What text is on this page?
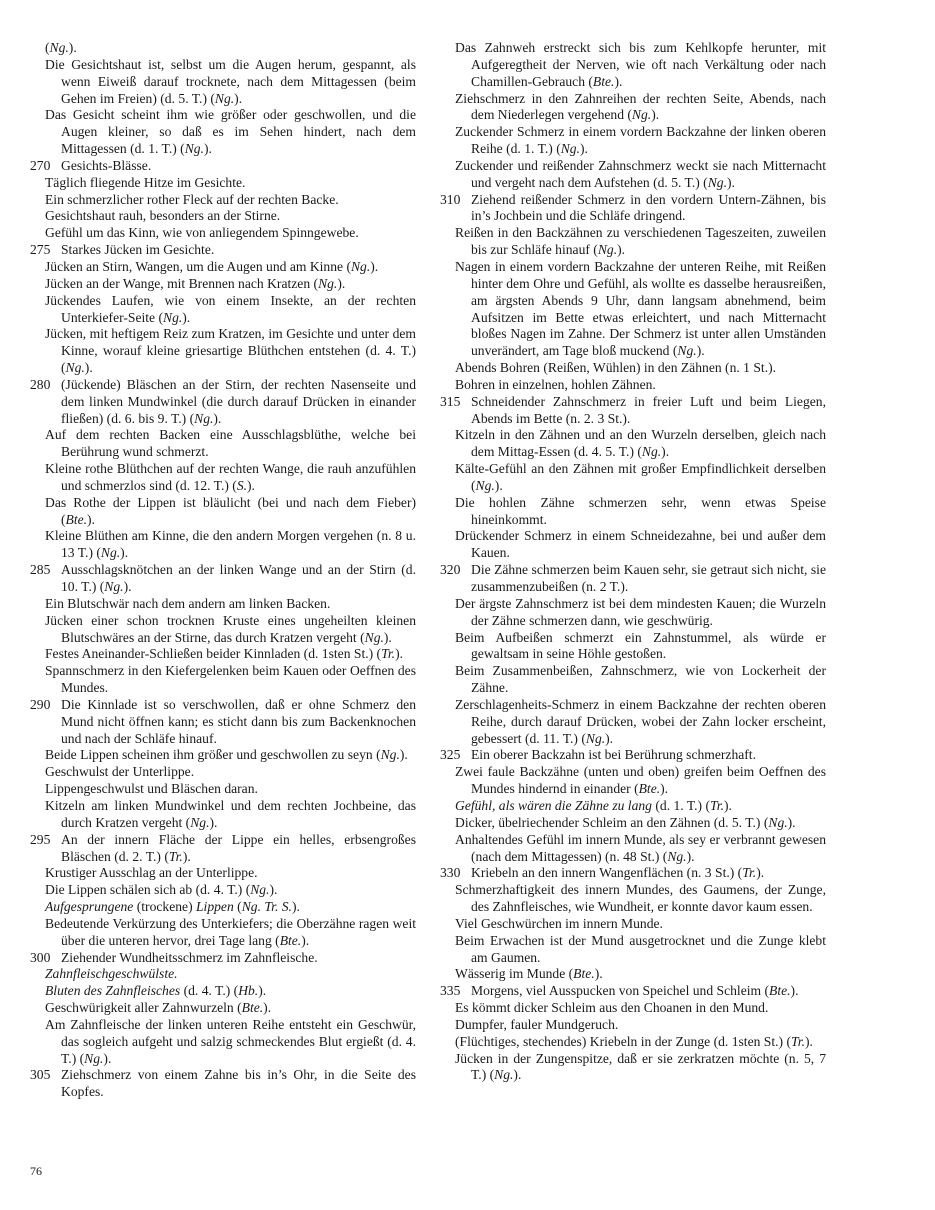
(Ng.).
Die Gesichtshaut ist, selbst um die Augen herum, gespannt, als wenn Eiweiß darauf trocknete, nach dem Mittagessen (beim Gehen im Freien) (d. 5. T.) (Ng.).
Das Gesicht scheint ihm wie größer oder geschwollen, und die Augen kleiner, so daß es im Sehen hindert, nach dem Mittagessen (d. 1. T.) (Ng.).
270 Gesichts-Blässe.
Täglich fliegende Hitze im Gesichte.
Ein schmerzlicher rother Fleck auf der rechten Backe.
Gesichtshaut rauh, besonders an der Stirne.
Gefühl um das Kinn, wie von anliegendem Spinngewebe.
275 Starkes Jücken im Gesichte.
Jücken an Stirn, Wangen, um die Augen und am Kinne (Ng.).
Jücken an der Wange, mit Brennen nach Kratzen (Ng.).
Jückendes Laufen, wie von einem Insekte, an der rechten Unterkiefer-Seite (Ng.).
Jücken, mit heftigem Reiz zum Kratzen, im Gesichte und unter dem Kinne, worauf kleine griesartige Blüthchen entstehen (d. 4. T.) (Ng.).
280 (Jückende) Bläschen an der Stirn, der rechten Nasenseite und dem linken Mundwinkel (die durch darauf Drücken in einander fließen) (d. 6. bis 9. T.) (Ng.).
Auf dem rechten Backen eine Ausschlagsblüthe, welche bei Berührung wund schmerzt.
Kleine rothe Blüthchen auf der rechten Wange, die rauh anzufühlen und schmerzlos sind (d. 12. T.) (S.).
Das Rothe der Lippen ist bläulicht (bei und nach dem Fieber) (Bte.).
Kleine Blüthen am Kinne, die den andern Morgen vergehen (n. 8 u. 13 T.) (Ng.).
285 Ausschlagsknötchen an der linken Wange und an der Stirn (d. 10. T.) (Ng.).
Ein Blutschwär nach dem andern am linken Backen.
Jücken einer schon trocknen Kruste eines ungeheilten kleinen Blutschwäres an der Stirne, das durch Kratzen vergeht (Ng.).
Festes Aneinander-Schließen beider Kinnladen (d. 1sten St.) (Tr.).
Spannschmerz in den Kiefergelenken beim Kauen oder Oeffnen des Mundes.
290 Die Kinnlade ist so verschwollen, daß er ohne Schmerz den Mund nicht öffnen kann; es sticht dann bis zum Backenknochen und nach der Schläfe hinauf.
Beide Lippen scheinen ihm größer und geschwollen zu seyn (Ng.).
Geschwulst der Unterlippe.
Lippengeschwulst und Bläschen daran.
Kitzeln am linken Mundwinkel und dem rechten Jochbeine, das durch Kratzen vergeht (Ng.).
295 An der innern Fläche der Lippe ein helles, erbsengroßes Bläschen (d. 2. T.) (Tr.).
Krustiger Ausschlag an der Unterlippe.
Die Lippen schälen sich ab (d. 4. T.) (Ng.).
Aufgesprungene (trockene) Lippen (Ng. Tr. S.).
Bedeutende Verkürzung des Unterkiefers; die Oberzähne ragen weit über die unteren hervor, drei Tage lang (Bte.).
300 Ziehender Wundheitsschmerz im Zahnfleische.
Zahnfleischgeschwülste.
Bluten des Zahnfleisches (d. 4. T.) (Hb.).
Geschwürigkeit aller Zahnwurzeln (Bte.).
Am Zahnfleische der linken unteren Reihe entsteht ein Geschwür, das sogleich aufgeht und salzig schmeckendes Blut ergießt (d. 4. T.) (Ng.).
305 Ziehschmerz von einem Zahne bis in’s Ohr, in die Seite des Kopfes.
Das Zahnweh erstreckt sich bis zum Kehlkopfe herunter, mit Aufgeregtheit der Nerven, wie oft nach Verkältung oder nach Chamillen-Gebrauch (Bte.).
Ziehschmerz in den Zahnreihen der rechten Seite, Abends, nach dem Niederlegen vergehend (Ng.).
Zuckender Schmerz in einem vordern Backzahne der linken oberen Reihe (d. 1. T.) (Ng.).
Zuckender und reißender Zahnschmerz weckt sie nach Mitternacht und vergeht nach dem Aufstehen (d. 5. T.) (Ng.).
310 Ziehend reißender Schmerz in den vordern Untern-Zähnen, bis in’s Jochbein und die Schläfe dringend.
Reißen in den Backzähnen zu verschiedenen Tageszeiten, zuweilen bis zur Schläfe hinauf (Ng.).
Nagen in einem vordern Backzahne der unteren Reihe, mit Reißen hinter dem Ohre und Gefühl, als wollte es dasselbe herausreißen, am ärgsten Abends 9 Uhr, dann langsam abnehmend, beim Aufsitzen im Bette etwas erleichtert, und nach Mitternacht bloßes Nagen im Zahne. Der Schmerz ist unter allen Umständen unverändert, am Tage bloß muckend (Ng.).
Abends Bohren (Reißen, Wühlen) in den Zähnen (n. 1 St.).
Bohren in einzelnen, hohlen Zähnen.
315 Schneidender Zahnschmerz in freier Luft und beim Liegen, Abends im Bette (n. 2. 3 St.).
Kitzeln in den Zähnen und an den Wurzeln derselben, gleich nach dem Mittag-Essen (d. 4. 5. T.) (Ng.).
Kälte-Gefühl an den Zähnen mit großer Empfindlichkeit derselben (Ng.).
Die hohlen Zähne schmerzen sehr, wenn etwas Speise hineinkommt.
Drückender Schmerz in einem Schneidezahne, bei und außer dem Kauen.
320 Die Zähne schmerzen beim Kauen sehr, sie getraut sich nicht, sie zusammenzubeißen (n. 2 T.).
Der ärgste Zahnschmerz ist bei dem mindesten Kauen; die Wurzeln der Zähne schmerzen dann, wie geschwürig.
Beim Aufbeißen schmerzt ein Zahnstummel, als würde er gewaltsam in seine Höhle gestoßen.
Beim Zusammenbeißen, Zahnschmerz, wie von Lockerheit der Zähne.
Zerschlagenheits-Schmerz in einem Backzahne der rechten oberen Reihe, durch darauf Drücken, wobei der Zahn locker erscheint, gebessert (d. 11. T.) (Ng.).
325 Ein oberer Backzahn ist bei Berührung schmerzhaft.
Zwei faule Backzähne (unten und oben) greifen beim Oeffnen des Mundes hindernd in einander (Bte.).
Gefühl, als wären die Zähne zu lang (d. 1. T.) (Tr.).
Dicker, übelriechender Schleim an den Zähnen (d. 5. T.) (Ng.).
Anhaltendes Gefühl im innern Munde, als sey er verbrannt gewesen (nach dem Mittagessen) (n. 48 St.) (Ng.).
330 Kriebeln an den innern Wangenflächen (n. 3 St.) (Tr.).
Schmerzhaftigkeit des innern Mundes, des Gaumens, der Zunge, des Zahnfleisches, wie Wundheit, er konnte davor kaum essen.
Viel Geschwürchen im innern Munde.
Beim Erwachen ist der Mund ausgetrocknet und die Zunge klebt am Gaumen.
Wässerig im Munde (Bte.).
335 Morgens, viel Ausspucken von Speichel und Schleim (Bte.).
Es kömmt dicker Schleim aus den Choanen in den Mund.
Dumpfer, fauler Mundgeruch.
(Flüchtiges, stechendes) Kriebeln in der Zunge (d. 1sten St.) (Tr.).
Jücken in der Zungenspitze, daß er sie zerkratzen möchte (n. 5, 7 T.) (Ng.).
76
